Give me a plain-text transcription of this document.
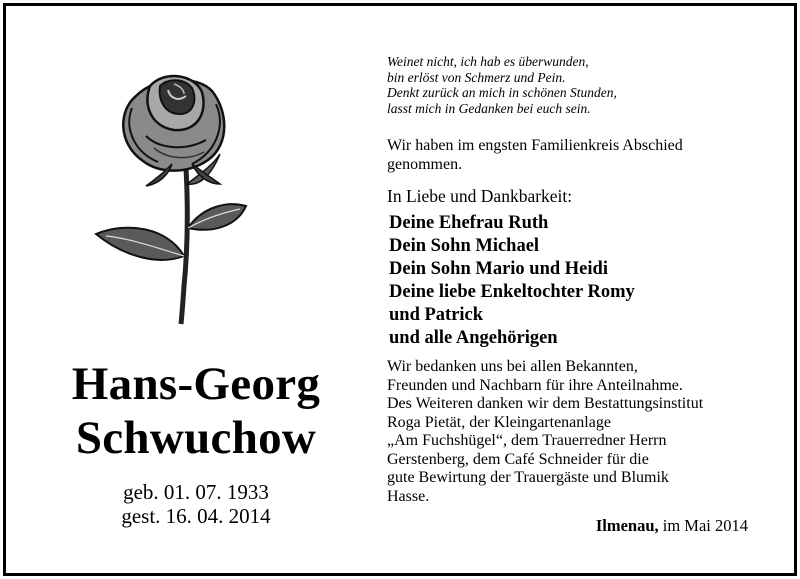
Hans-Georg
Schwuchow
geb. 01. 07. 1933
gest. 16. 04. 2014
Weinet nicht, ich hab es überwunden,
bin erlöst von Schmerz und Pein.
Denkt zurück an mich in schönen Stunden,
lasst mich in Gedanken bei euch sein.
Wir haben im engsten Familienkreis Abschied
genommen.
In Liebe und Dankbarkeit:
Deine Ehefrau Ruth
Dein Sohn Michael
Dein Sohn Mario und Heidi
Deine liebe Enkeltochter Romy
und Patrick
und alle Angehörigen
Wir bedanken uns bei allen Bekannten,
Freunden und Nachbarn für ihre Anteilnahme.
Des Weiteren danken wir dem Bestattungsinstitut
Roga Pietät, der Kleingartenanlage
„Am Fuchshügel“, dem Trauerredner Herrn
Gerstenberg, dem Café Schneider für die
gute Bewirtung der Trauergäste und Blumik
Hasse.
Ilmenau, im Mai 2014
